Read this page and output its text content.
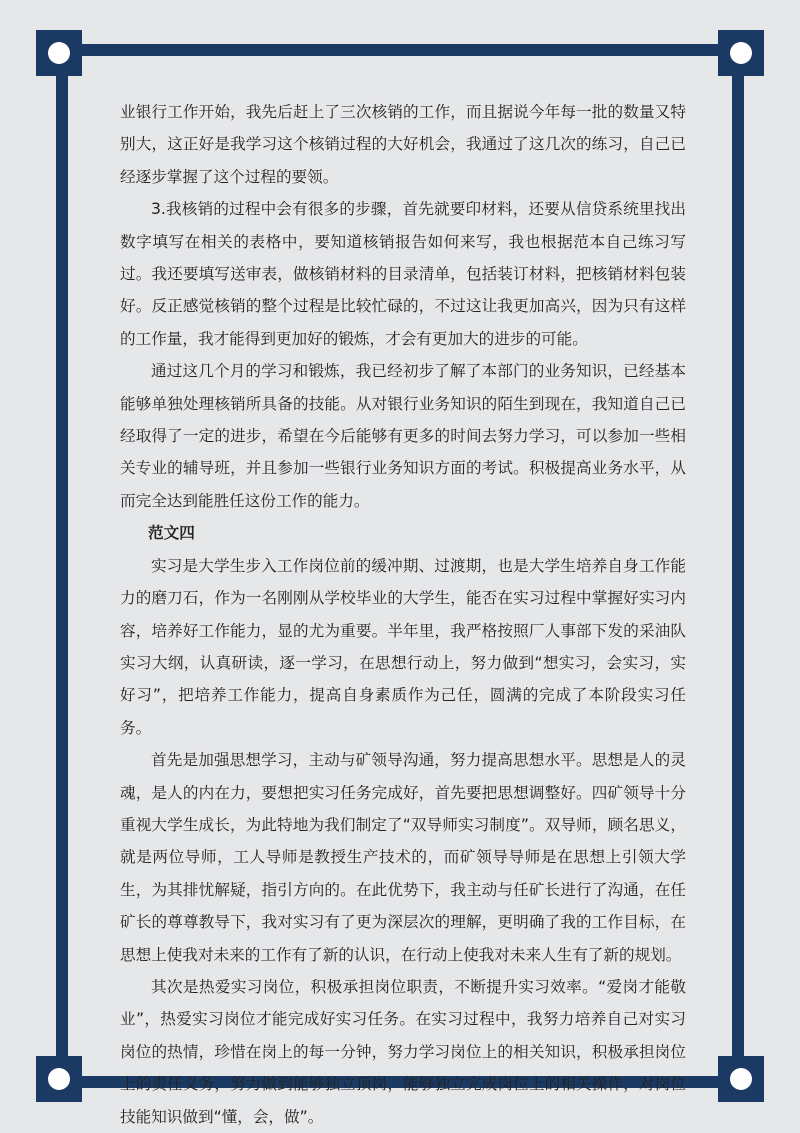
业银行工作开始，我先后赶上了三次核销的工作，而且据说今年每一批的数量又特别大，这正好是我学习这个核销过程的大好机会，我通过了这几次的练习，自己已经逐步掌握了这个过程的要领。

3.我核销的过程中会有很多的步骤，首先就要印材料，还要从信贷系统里找出数字填写在相关的表格中，要知道核销报告如何来写，我也根据范本自己练习写过。我还要填写送审表，做核销材料的目录清单，包括装订材料，把核销材料包装好。反正感觉核销的整个过程是比较忙碌的，不过这让我更加高兴，因为只有这样的工作量，我才能得到更加好的锻炼，才会有更加大的进步的可能。

通过这几个月的学习和锻炼，我已经初步了解了本部门的业务知识，已经基本能够单独处理核销所具备的技能。从对银行业务知识的陌生到现在，我知道自己已经取得了一定的进步，希望在今后能够有更多的时间去努力学习，可以参加一些相关专业的辅导班，并且参加一些银行业务知识方面的考试。积极提高业务水平，从而完全达到能胜任这份工作的能力。

范文四

实习是大学生步入工作岗位前的缓冲期、过渡期，也是大学生培养自身工作能力的磨刀石，作为一名刚刚从学校毕业的大学生，能否在实习过程中掌握好实习内容，培养好工作能力，显的尤为重要。半年里，我严格按照厂人事部下发的采油队实习大纲，认真研读，逐一学习，在思想行动上，努力做到“想实习，会实习，实好习”，把培养工作能力，提高自身素质作为己任，圆满的完成了本阶段实习任务。

首先是加强思想学习，主动与矿领导沟通，努力提高思想水平。思想是人的灵魂，是人的内在力，要想把实习任务完成好，首先要把思想调整好。四矿领导十分重视大学生成长，为此特地为我们制定了“双导师实习制度”。双导师，顾名思义，就是两位导师，工人导师是教授生产技术的，而矿领导导师是在思想上引领大学生，为其排忧解疑，指引方向的。在此优势下，我主动与任矿长进行了沟通，在任矿长的尊尊教导下，我对实习有了更为深层次的理解，更明确了我的工作目标，在思想上使我对未来的工作有了新的认识，在行动上使我对未来人生有了新的规划。

其次是热爱实习岗位，积极承担岗位职责，不断提升实习效率。“爱岗才能敬业”，热爱实习岗位才能完成好实习任务。在实习过程中，我努力培养自己对实习岗位的热情，珍惜在岗上的每一分钟，努力学习岗位上的相关知识，积极承担岗位上的责任义务，努力做到能够独立顶岗，能够独立完成岗位上的相关操作，对岗位技能知识做到“懂，会，做”。
